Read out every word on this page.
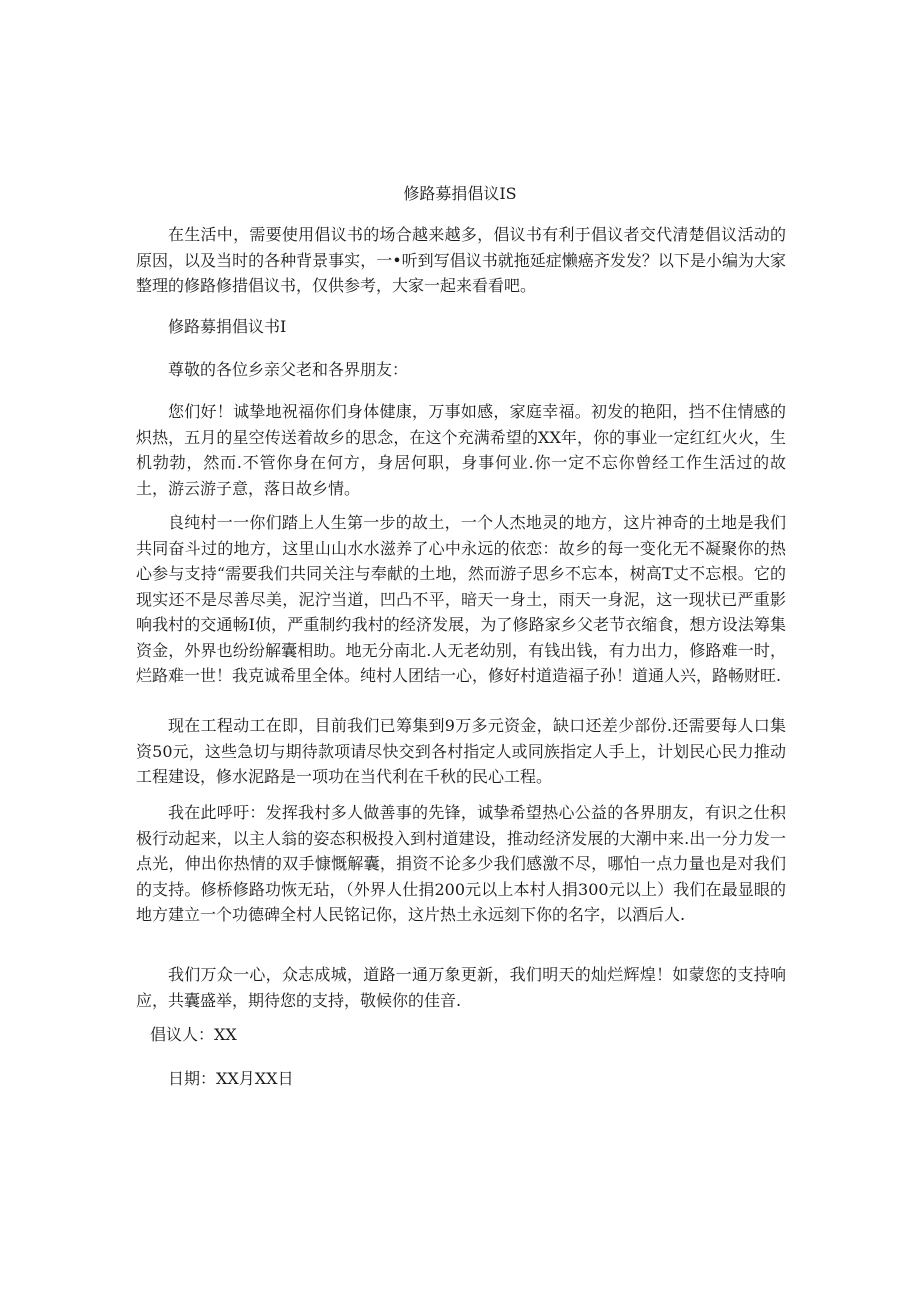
修路募捐倡议IS

在生活中，需要使用倡议书的场合越来越多，倡议书有利于倡议者交代清楚倡议活动的原因，以及当时的各种背景事实，一•听到写倡议书就拖延症懒癌齐发发？以下是小编为大家整理的修路修措倡议书，仅供参考，大家一起来看看吧。

修路募捐倡议书I

尊敬的各位乡亲父老和各界朋友：

您们好！诚挚地祝福你们身体健康，万事如感，家庭幸福。初发的艳阳，挡不住情感的炽热，五月的星空传送着故乡的思念，在这个充满希望的XX年，你的事业一定红红火火，生机勃勃，然而.不管你身在何方，身居何职，身事何业.你一定不忘你曾经工作生活过的故土，游云游子意，落日故乡情。

良纯村一一你们踏上人生第一步的故土，一个人杰地灵的地方，这片神奇的土地是我们共同奋斗过的地方，这里山山水水滋养了心中永远的依恋：故乡的每一变化无不凝聚你的热心参与支持“需要我们共同关注与奉献的土地，然而游子思乡不忘本，树高T丈不忘根。它的现实还不是尽善尽美，泥泞当道，凹凸不平，暗天一身土，雨天一身泥，这一现状已严重影响我村的交通畅I侦，严重制约我村的经济发展，为了修路家乡父老节衣缩食，想方设法筹集资金，外界也纷纷解囊相助。地无分南北.人无老幼别，有钱出钱，有力出力，修路难一时，烂路难一世！我克诚希里全体。纯村人团结一心，修好村道造福子孙！道通人兴，路畅财旺.

现在工程动工在即，目前我们已筹集到9万多元资金，缺口还差少部份.还需要每人口集资50元，这些急切与期待款项请尽快交到各村指定人或同族指定人手上，计划民心民力推动工程建设，修水泥路是一项功在当代利在千秋的民心工程。

我在此呼吁：发挥我村多人做善事的先锋，诚挚希望热心公益的各界朋友，有识之仕积极行动起来，以主人翁的姿态积极投入到村道建设，推动经济发展的大潮中来.出一分力发一点光，伸出你热情的双手慷慨解囊，捐资不论多少我们感激不尽，哪怕一点力量也是对我们的支持。修桥修路功恢无玷，（外界人仕捐200元以上本村人捐300元以上）我们在最显眼的地方建立一个功德碑全村人民铭记你，这片热土永远刻下你的名字，以酒后人.

我们万众一心，众志成城，道路一通万象更新，我们明天的灿烂辉煌！如蒙您的支持响应，共囊盛举，期待您的支持，敬候你的佳音.

倡议人：XX

日期：XX月XX日
